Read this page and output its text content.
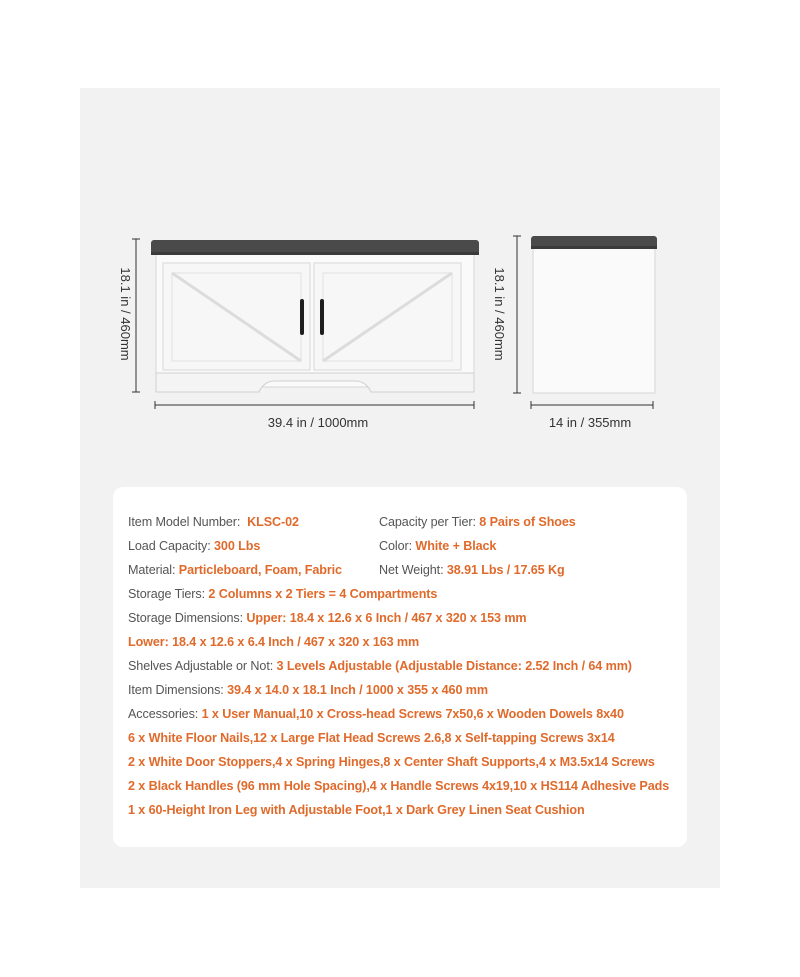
18.1 in / 460mm
39.4 in / 1000mm
18.1 in / 460mm
14 in / 355mm
Item Model Number: KLSC-02	Capacity per Tier: 8 Pairs of Shoes
Load Capacity: 300 Lbs	Color: White + Black
Material: Particleboard, Foam, Fabric	Net Weight: 38.91 Lbs / 17.65 Kg
Storage Tiers: 2 Columns x 2 Tiers = 4 Compartments
Storage Dimensions: Upper: 18.4 x 12.6 x 6 Inch / 467 x 320 x 153 mm
Lower: 18.4 x 12.6 x 6.4 Inch / 467 x 320 x 163 mm
Shelves Adjustable or Not: 3 Levels Adjustable (Adjustable Distance: 2.52 Inch / 64 mm)
Item Dimensions: 39.4 x 14.0 x 18.1 Inch / 1000 x 355 x 460 mm
Accessories: 1 x User Manual,10 x Cross-head Screws 7x50,6 x Wooden Dowels 8x40
6 x White Floor Nails,12 x Large Flat Head Screws 2.6,8 x Self-tapping Screws 3x14
2 x White Door Stoppers,4 x Spring Hinges,8 x Center Shaft Supports,4 x M3.5x14 Screws
2 x Black Handles (96 mm Hole Spacing),4 x Handle Screws 4x19,10 x HS114 Adhesive Pads
1 x 60-Height Iron Leg with Adjustable Foot,1 x Dark Grey Linen Seat Cushion
